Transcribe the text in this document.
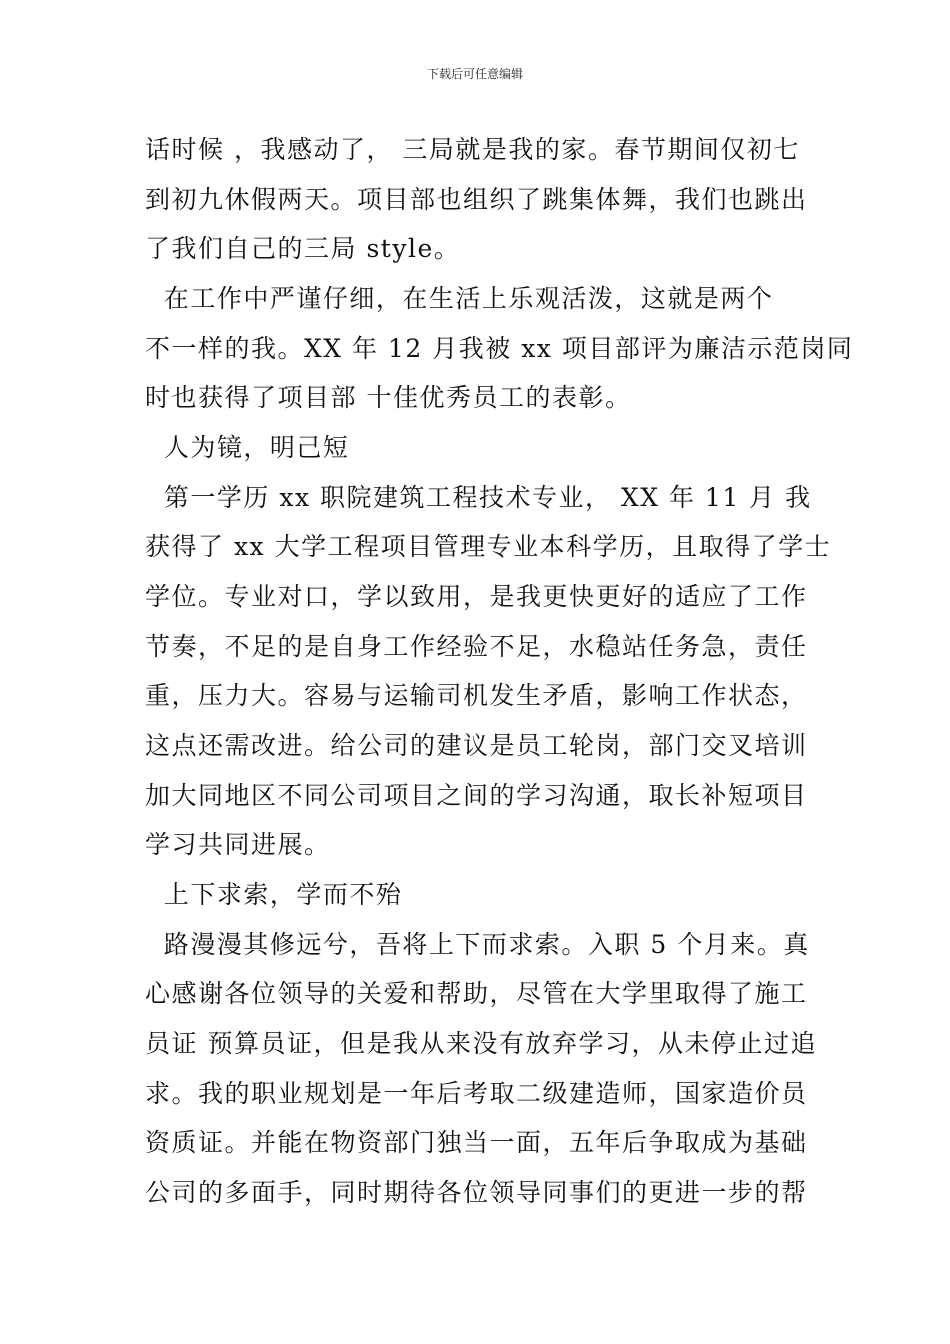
下载后可任意编辑
话时候 ，我感动了， 三局就是我的家。春节期间仅初七
到初九休假两天。项目部也组织了跳集体舞，我们也跳出
了我们自己的三局 style。
在工作中严谨仔细，在生活上乐观活泼，这就是两个
不一样的我。XX 年 12 月我被 xx 项目部评为廉洁示范岗同
时也获得了项目部 十佳优秀员工的表彰。
人为镜，明己短
第一学历 xx 职院建筑工程技术专业， XX 年 11 月 我
获得了 xx 大学工程项目管理专业本科学历，且取得了学士
学位。专业对口，学以致用，是我更快更好的适应了工作
节奏，不足的是自身工作经验不足，水稳站任务急，责任
重，压力大。容易与运输司机发生矛盾，影响工作状态，
这点还需改进。给公司的建议是员工轮岗，部门交叉培训
加大同地区不同公司项目之间的学习沟通，取长补短项目
学习共同进展。
上下求索，学而不殆
路漫漫其修远兮，吾将上下而求索。入职 5 个月来。真
心感谢各位领导的关爱和帮助，尽管在大学里取得了施工
员证 预算员证，但是我从来没有放弃学习，从未停止过追
求。我的职业规划是一年后考取二级建造师，国家造价员
资质证。并能在物资部门独当一面，五年后争取成为基础
公司的多面手，同时期待各位领导同事们的更进一步的帮
